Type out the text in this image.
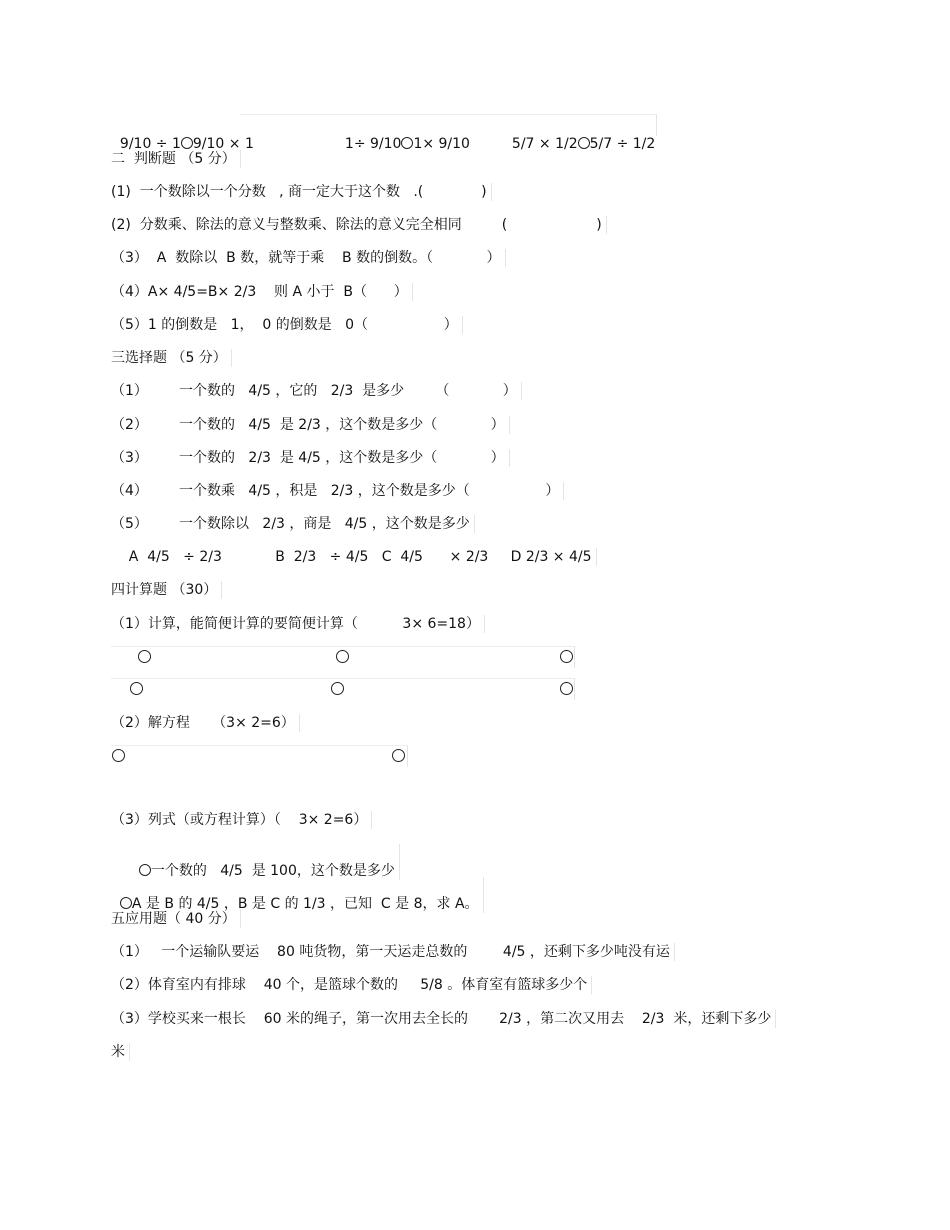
9/10 ÷ 1 9/10 × 1	1÷ 9/10 1× 9/10	5/7 × 1/2 5/7 ÷ 1/2

二  判断题 （5 分）
(1)  一个数除以一个分数   , 商一定大于这个数   .(             )
(2)  分数乘、除法的意义与整数乘、除法的意义完全相同         (                    )
（3）  A  数除以  B 数，就等于乘    B 数的倒数。（            ）
（4）A× 4/5=B× 2/3    则 A 小于  B（      ）
（5）1 的倒数是   1，  0 的倒数是   0（                 ）
三选择题 （5 分）
（1）       一个数的   4/5 ，它的   2/3  是多少       （            ）
（2）       一个数的   4/5  是 2/3 ，这个数是多少（            ）
（3）       一个数的   2/3  是 4/5 ，这个数是多少（            ）
（4）       一个数乘   4/5 ，积是   2/3 ，这个数是多少（                 ）
（5）       一个数除以   2/3 ，商是   4/5 ，这个数是多少
A  4/5   ÷ 2/3            B  2/3   ÷ 4/5   C  4/5      × 2/3     D 2/3 × 4/5
四计算题 （30）
（1）计算，能简便计算的要简便计算（          3× 6=18）
（2）解方程     （3× 2=6）
（3）列式（或方程计算）（    3× 2=6）

一个数的   4/5  是 100，这个数是多少

A 是 B 的 4/5 ，B 是 C 的 1/3 ，已知  C 是 8，求 A。

五应用题（ 40 分）
（1）   一个运输队要运    80 吨货物，第一天运走总数的        4/5 ，还剩下多少吨没有运
（2）体育室内有排球    40 个，是篮球个数的     5/8 。体育室有篮球多少个
（3）学校买来一根长    60 米的绳子，第一次用去全长的       2/3 ，第二次又用去    2/3  米，还剩下多少
米
